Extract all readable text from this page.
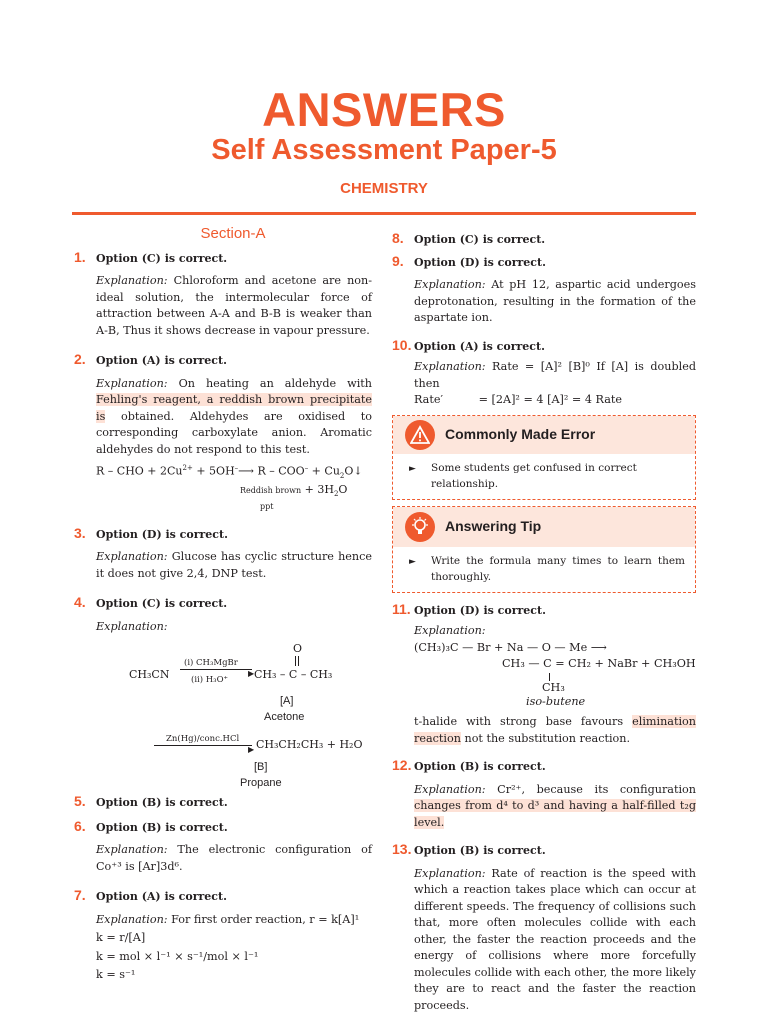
ANSWERS
Self Assessment Paper-5
CHEMISTRY
Section-A
1. Option (C) is correct.
Explanation: Chloroform and acetone are non-ideal solution, the intermolecular force of attraction between A-A and B-B is weaker than A-B, Thus it shows decrease in vapour pressure.
2. Option (A) is correct.
Explanation: On heating an aldehyde with Fehling's reagent, a reddish brown precipitate is obtained. Aldehydes are oxidised to corresponding carboxylate anion. Aromatic aldehydes do not respond to this test.
R – CHO + $2Cu^{2+}$ + 5OH–⟶ $R - COO^- + Cu_2O↓$
Reddish brown + $3H_2O$
ppt
3. Option (D) is correct.
Explanation: Glucose has cyclic structure hence it does not give 2,4, DNP test.
4. Option (C) is correct.
Explanation:
CH₃CN
(i) CH₃MgBr
▶
(ii) H₃O⁺
O
CH₃ – C – CH₃
[A]
Acetone
Zn(Hg)/conc.HCl
▶ CH₃CH₂CH₃ + H₂O
[B]
Propane
5. Option (B) is correct.
6. Option (B) is correct.
Explanation: The electronic configuration of Co⁺³ is [Ar]3d⁶.
7. Option (A) is correct.
Explanation: For first order reaction, r = k[A]¹
k = r/[A]
k = mol × l⁻¹ × s⁻¹/mol × l⁻¹
k = s⁻¹
8. Option (C) is correct.
9. Option (D) is correct.
Explanation: At pH 12, aspartic acid undergoes deprotonation, resulting in the formation of the aspartate ion.
10. Option (A) is correct.
Explanation: Rate = [A]² [B]⁰ If [A] is doubled then
Rate′	= [2A]² = 4 [A]² = 4 Rate
Commonly Made Error
► Some students get confused in correct relationship.
Answering Tip
► Write the formula many times to learn them thoroughly.
11. Option (D) is correct.
Explanation:
(CH₃)₃C — Br + Na — O — Me ⟶
CH₃ — C = CH₂ + NaBr + CH₃OH
CH₃
iso-butene
t-halide with strong base favours elimination reaction not the substitution reaction.
12. Option (B) is correct.
Explanation: Cr²⁺, because its configuration changes from d⁴ to d³ and having a half-filled t₂g level.
13. Option (B) is correct.
Explanation: Rate of reaction is the speed with which a reaction takes place which can occur at different speeds. The frequency of collisions such that, more often molecules collide with each other, the faster the reaction proceeds and the energy of collisions where more forcefully molecules collide with each other, the more likely they are to react and the faster the reaction proceeds.
